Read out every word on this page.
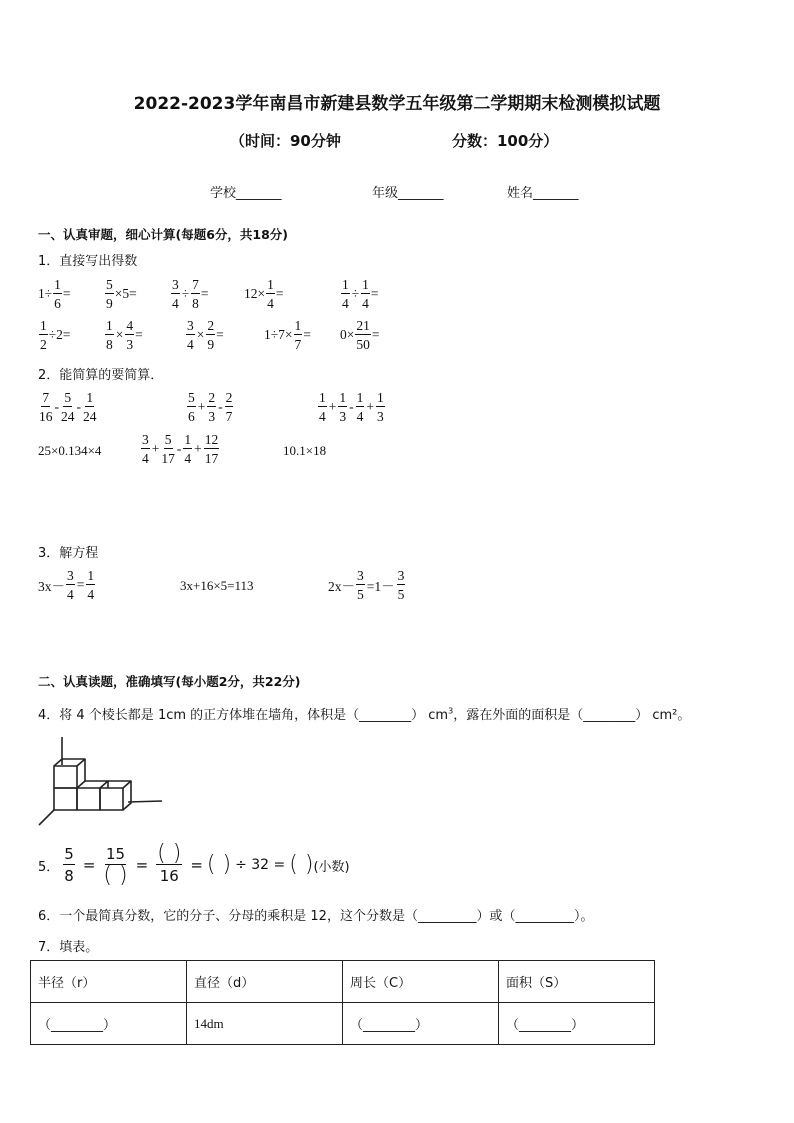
2022-2023学年南昌市新建县数学五年级第二学期期末检测模拟试题
（时间：90分钟	分数：100分）
学校_______	年级_______	姓名_______
一、认真审题，细心计算(每题6分，共18分)
1．直接写出得数
$1\div \frac{1}{6}$ =	$\frac{5}{9} \times 5=$	$\frac{3}{4} \div \frac{7}{8}$ =	$12\times \frac{1}{4}$ =	$\frac{1}{4} \div \frac{1}{4}$ =
$\frac{1}{2} \div 2=$	$\frac{1}{8} \times \frac{4}{3}$ =	$\frac{3}{4} \times \frac{2}{9}$ =	$1\div 7\times \frac{1}{7} = 0\times \frac{21}{50}$ =
2．能简算的要简算．
$\frac{7}{16} - \frac{5}{24} - \frac{1}{24}$	$\frac{5}{6} + \frac{2}{3} - \frac{2}{7}$	$\frac{1}{4} + \frac{1}{3} - \frac{1}{4} + \frac{1}{3}$
25×0.134×4	$\frac{3}{4} + \frac{5}{17} - \frac{1}{4} + \frac{12}{17}$	10.1×18
3．解方程
$3x- \frac{3}{4} = \frac{1}{4}$	3x+16×5=113	$2x- \frac{3}{5} =1- \frac{3}{5}$
二、认真读题，准确填写(每小题2分，共22分)
4．将 4 个棱长都是 1cm 的正方体堆在墙角，体积是（________） $cm^3$，露在外面的面积是（________） cm²。
5． $\frac{5}{8} = \frac{15}{( )} = \frac{( )}{16}$ = ( ) ÷ 32 = ( ) (小数)
6．一个最简真分数，它的分子、分母的乘积是 12，这个分数是（_________）或（_________）。
7．填表。
半径（r）	直径（d）	周长（C）	面积（S）
（________）	14dm	（________）	（________）
